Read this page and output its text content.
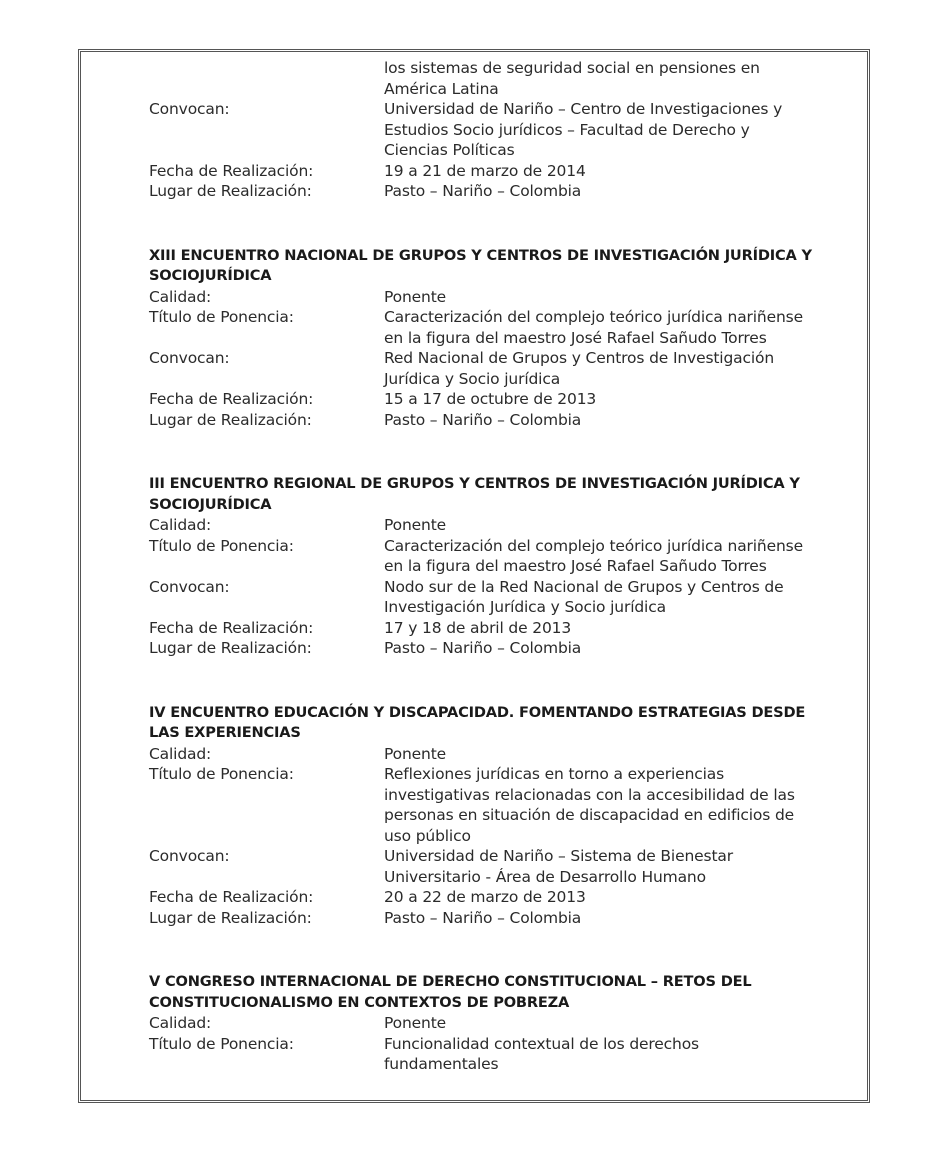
los sistemas de seguridad social en pensiones en
América Latina
Convocan:	Universidad de Nariño – Centro de Investigaciones y
Estudios Socio jurídicos – Facultad de Derecho y
Ciencias Políticas
Fecha de Realización:	19 a 21 de marzo de 2014
Lugar de Realización:	Pasto – Nariño – Colombia
XIII ENCUENTRO NACIONAL DE GRUPOS Y CENTROS DE INVESTIGACIÓN JURÍDICA Y
SOCIOJURÍDICA
Calidad:	Ponente
Título de Ponencia:	Caracterización del complejo teórico jurídica nariñense
en la figura del maestro José Rafael Sañudo Torres
Convocan:	Red Nacional de Grupos y Centros de Investigación
Jurídica y Socio jurídica
Fecha de Realización:	15 a 17 de octubre de 2013
Lugar de Realización:	Pasto – Nariño – Colombia
III ENCUENTRO REGIONAL DE GRUPOS Y CENTROS DE INVESTIGACIÓN JURÍDICA Y
SOCIOJURÍDICA
Calidad:	Ponente
Título de Ponencia:	Caracterización del complejo teórico jurídica nariñense
en la figura del maestro José Rafael Sañudo Torres
Convocan:	Nodo sur de la Red Nacional de Grupos y Centros de
Investigación Jurídica y Socio jurídica
Fecha de Realización:	17 y 18 de abril de 2013
Lugar de Realización:	Pasto – Nariño – Colombia
IV ENCUENTRO EDUCACIÓN Y DISCAPACIDAD. FOMENTANDO ESTRATEGIAS DESDE
LAS EXPERIENCIAS
Calidad:	Ponente
Título de Ponencia:	Reflexiones jurídicas en torno a experiencias
investigativas relacionadas con la accesibilidad de las
personas en situación de discapacidad en edificios de
uso público
Convocan:	Universidad de Nariño – Sistema de Bienestar
Universitario - Área de Desarrollo Humano
Fecha de Realización:	20 a 22 de marzo de 2013
Lugar de Realización:	Pasto – Nariño – Colombia
V CONGRESO INTERNACIONAL DE DERECHO CONSTITUCIONAL – RETOS DEL
CONSTITUCIONALISMO EN CONTEXTOS DE POBREZA
Calidad:	Ponente
Título de Ponencia:	Funcionalidad contextual de los derechos
fundamentales
